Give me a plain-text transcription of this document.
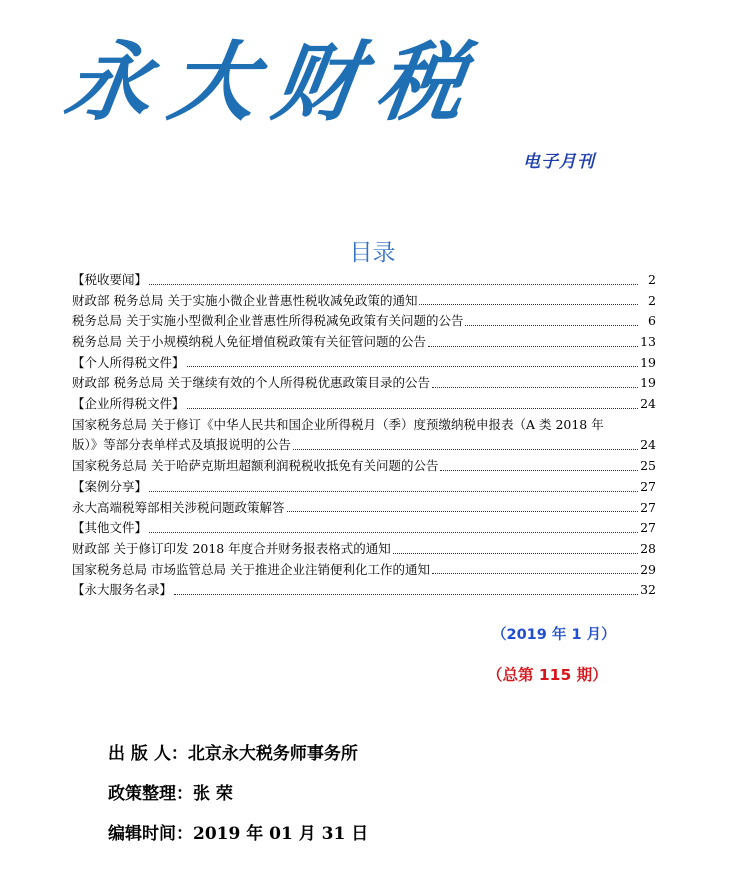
永大财税
电子月刊
目录
【税收要闻】	2
财政部 税务总局 关于实施小微企业普惠性税收减免政策的通知	2
税务总局 关于实施小型微利企业普惠性所得税减免政策有关问题的公告	6
税务总局 关于小规模纳税人免征增值税政策有关征管问题的公告	13
【个人所得税文件】	19
财政部 税务总局 关于继续有效的个人所得税优惠政策目录的公告	19
【企业所得税文件】	24
国家税务总局 关于修订《中华人民共和国企业所得税月（季）度预缴纳税申报表（A 类 2018 年
版）》等部分表单样式及填报说明的公告	24
国家税务总局 关于哈萨克斯坦超额利润税税收抵免有关问题的公告	25
【案例分享】	27
永大高端税筹部相关涉税问题政策解答	27
【其他文件】	27
财政部 关于修订印发 2018 年度合并财务报表格式的通知	28
国家税务总局 市场监管总局 关于推进企业注销便利化工作的通知	29
【永大服务名录】	32
（2019 年 1 月）
（总第 115 期）
出 版 人：北京永大税务师事务所
政策整理：张 荣
编辑时间：2019 年 01 月 31 日
